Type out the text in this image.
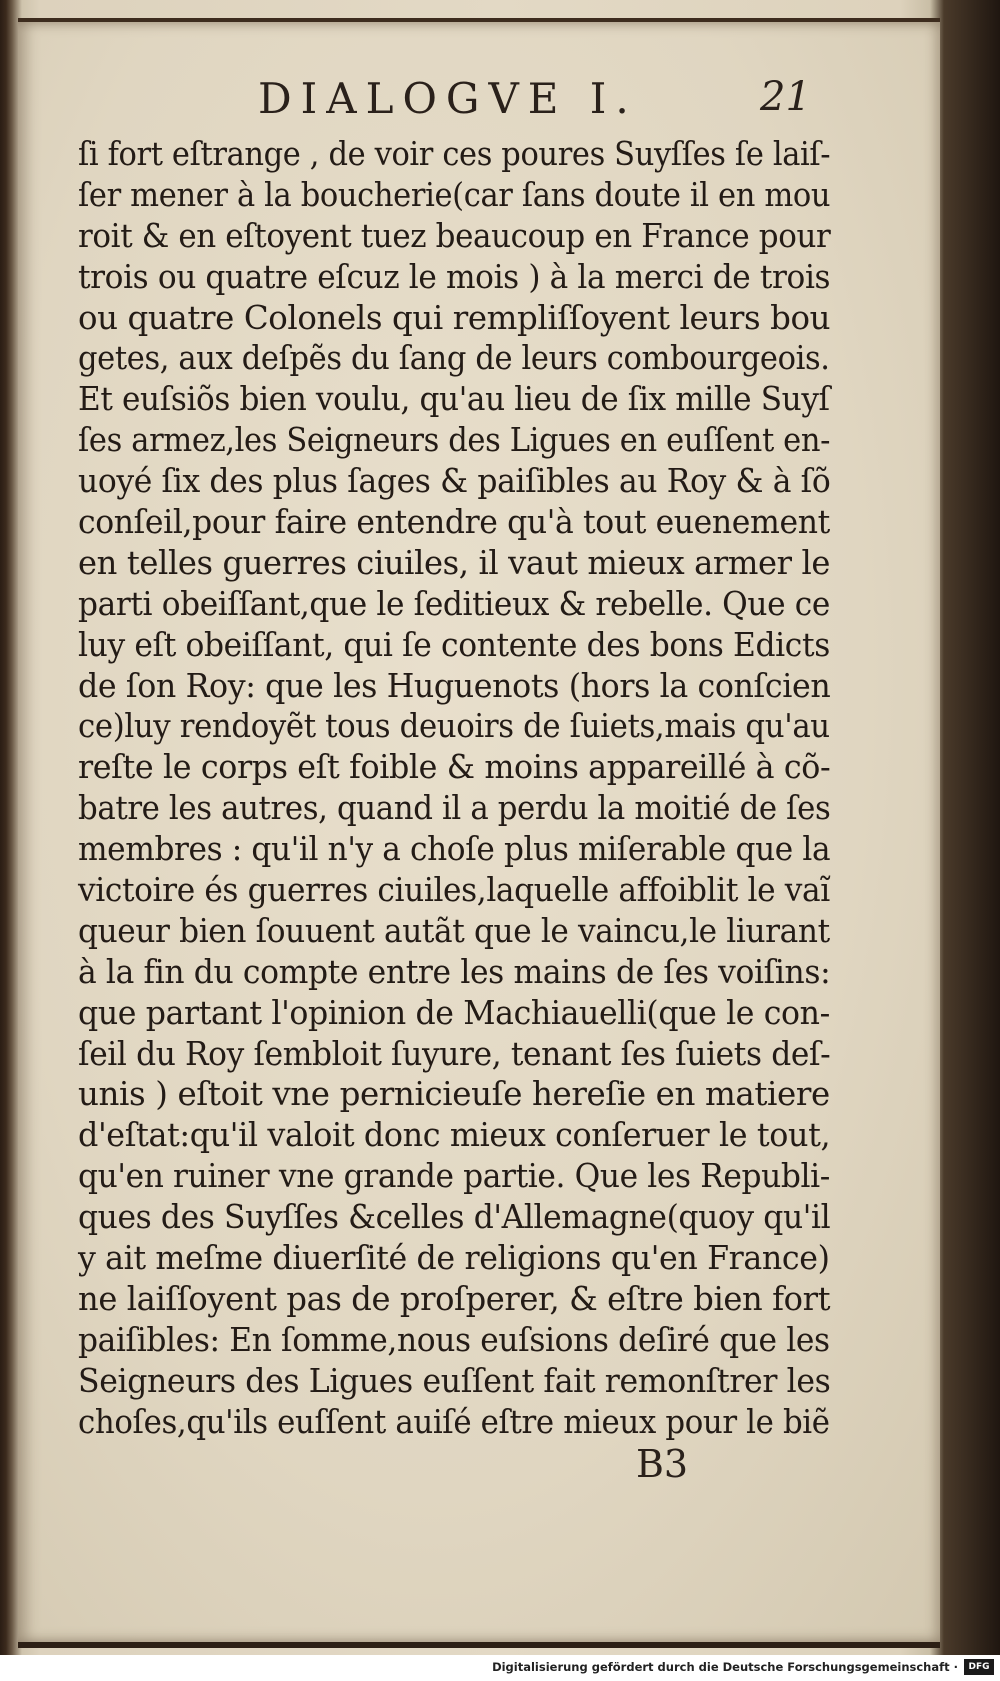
DIALOGVE I.	21
ſi fort eſtrange , de voir ces poures Suyſſes ſe laiſ-
ſer mener à la boucherie(car ſans doute il en mou
roit & en eſtoyent tuez beaucoup en France pour
trois ou quatre eſcuz le mois ) à la merci de trois
ou quatre Colonels qui rempliſſoyent leurs bou
getes, aux deſpẽs du ſang de leurs combourgeois.
Et euſsiõs bien voulu, qu'au lieu de ſix mille Suyſ
ſes armez,les Seigneurs des Ligues en euſſent en-
uoyé ſix des plus ſages & paiſibles au Roy & à ſõ
conſeil,pour faire entendre qu'à tout euenement
en telles guerres ciuiles, il vaut mieux armer le
parti obeiſſant,que le ſeditieux & rebelle. Que ce
luy eſt obeiſſant, qui ſe contente des bons Edicts
de ſon Roy: que les Huguenots (hors la conſcien
ce)luy rendoyẽt tous deuoirs de ſuiets,mais qu'au
reſte le corps eſt foible & moins appareillé à cõ-
batre les autres, quand il a perdu la moitié de ſes
membres : qu'il n'y a choſe plus miſerable que la
victoire és guerres ciuiles,laquelle affoiblit le vaĩ
queur bien ſouuent autãt que le vaincu,le liurant
à la fin du compte entre les mains de ſes voiſins:
que partant l'opinion de Machiauelli(que le con-
ſeil du Roy ſembloit ſuyure, tenant ſes ſuiets deſ-
unis ) eſtoit vne pernicieuſe hereſie en matiere
d'eſtat:qu'il valoit donc mieux conſeruer le tout,
qu'en ruiner vne grande partie. Que les Republi-
ques des Suyſſes &celles d'Allemagne(quoy qu'il
y ait meſme diuerſité de religions qu'en France)
ne laiſſoyent pas de proſperer, & eſtre bien fort
paiſibles: En ſomme,nous euſsions deſiré que les
Seigneurs des Ligues euſſent fait remonſtrer les
choſes,qu'ils euſſent auiſé eſtre mieux pour le biẽ
B3
Digitalisierung gefördert durch die Deutsche Forschungsgemeinschaft ·	DFG
